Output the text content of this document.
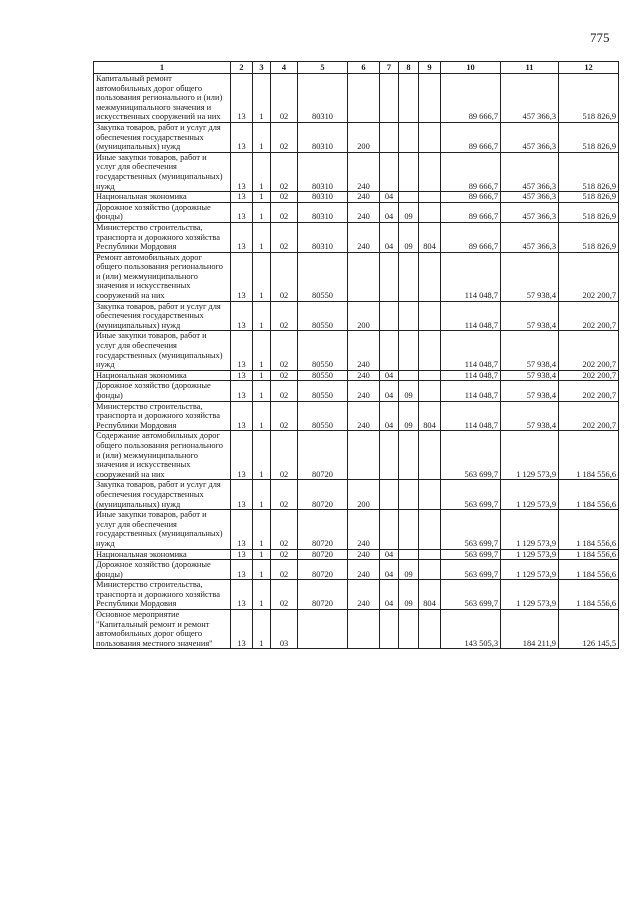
775
1	2	3	4	5	6	7	8	9	10	11	12
Капитальный ремонт автомобильных дорог общего пользования регионального и (или) межмуниципального значения и искусственных сооружений на них	13	1	02	80310					89 666,7	457 366,3	518 826,9
Закупка товаров, работ и услуг для обеспечения государственных (муниципальных) нужд	13	1	02	80310	200				89 666,7	457 366,3	518 826,9
Иные закупки товаров, работ и услуг для обеспечения государственных (муниципальных) нужд	13	1	02	80310	240				89 666,7	457 366,3	518 826,9
Национальная экономика	13	1	02	80310	240	04			89 666,7	457 366,3	518 826,9
Дорожное хозяйство (дорожные фонды)	13	1	02	80310	240	04	09		89 666,7	457 366,3	518 826,9
Министерство строительства, транспорта и дорожного хозяйства Республики Мордовия	13	1	02	80310	240	04	09	804	89 666,7	457 366,3	518 826,9
Ремонт автомобильных дорог общего пользования регионального и (или) межмуниципального значения и искусственных сооружений на них	13	1	02	80550					114 048,7	57 938,4	202 200,7
Закупка товаров, работ и услуг для обеспечения государственных (муниципальных) нужд	13	1	02	80550	200				114 048,7	57 938,4	202 200,7
Иные закупки товаров, работ и услуг для обеспечения государственных (муниципальных) нужд	13	1	02	80550	240				114 048,7	57 938,4	202 200,7
Национальная экономика	13	1	02	80550	240	04			114 048,7	57 938,4	202 200,7
Дорожное хозяйство (дорожные фонды)	13	1	02	80550	240	04	09		114 048,7	57 938,4	202 200,7
Министерство строительства, транспорта и дорожного хозяйства Республики Мордовия	13	1	02	80550	240	04	09	804	114 048,7	57 938,4	202 200,7
Содержание автомобильных дорог общего пользования регионального и (или) межмуниципального значения и искусственных сооружений на них	13	1	02	80720					563 699,7	1 129 573,9	1 184 556,6
Закупка товаров, работ и услуг для обеспечения государственных (муниципальных) нужд	13	1	02	80720	200				563 699,7	1 129 573,9	1 184 556,6
Иные закупки товаров, работ и услуг для обеспечения государственных (муниципальных) нужд	13	1	02	80720	240				563 699,7	1 129 573,9	1 184 556,6
Национальная экономика	13	1	02	80720	240	04			563 699,7	1 129 573,9	1 184 556,6
Дорожное хозяйство (дорожные фонды)	13	1	02	80720	240	04	09		563 699,7	1 129 573,9	1 184 556,6
Министерство строительства, транспорта и дорожного хозяйства Республики Мордовия	13	1	02	80720	240	04	09	804	563 699,7	1 129 573,9	1 184 556,6
Основное мероприятие "Капитальный ремонт и ремонт автомобильных дорог общего пользования местного значения"	13	1	03						143 505,3	184 211,9	126 145,5
